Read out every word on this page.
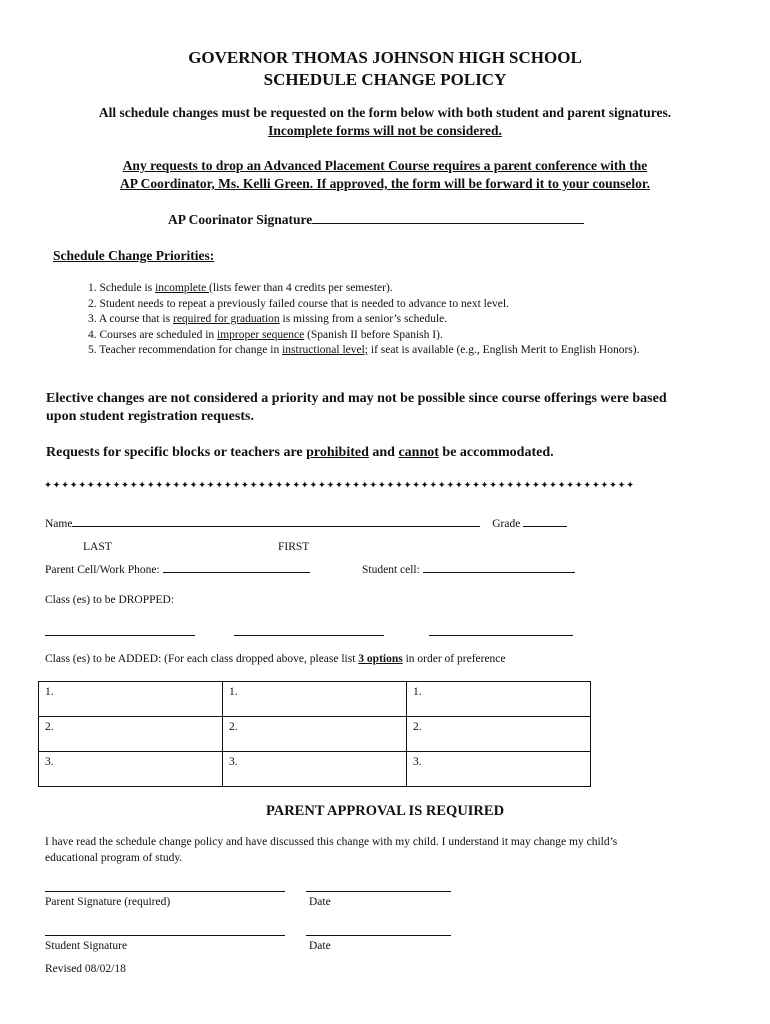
GOVERNOR THOMAS JOHNSON HIGH SCHOOL
SCHEDULE CHANGE POLICY
All schedule changes must be requested on the form below with both student and parent signatures.
Incomplete forms will not be considered.
Any requests to drop an Advanced Placement Course requires a parent conference with the
AP Coordinator, Ms. Kelli Green. If approved, the form will be forward it to your counselor.
AP Coorinator Signature
Schedule Change Priorities:
1. Schedule is incomplete (lists fewer than 4 credits per semester).
2. Student needs to repeat a previously failed course that is needed to advance to next level.
3. A course that is required for graduation is missing from a senior’s schedule.
4. Courses are scheduled in improper sequence (Spanish II before Spanish I).
5. Teacher recommendation for change in instructional level; if seat is available (e.g., English Merit to English Honors).
Elective changes are not considered a priority and may not be possible since course offerings were based
upon student registration requests.
Requests for specific blocks or teachers are prohibited and cannot be accommodated.
✦✦✦✦✦✦✦✦✦✦✦✦✦✦✦✦✦✦✦✦✦✦✦✦✦✦✦✦✦✦✦✦✦✦✦✦✦✦✦✦✦✦✦✦✦✦✦✦✦✦✦✦✦✦✦✦✦✦✦✦✦✦✦✦✦✦✦✦✦
Name	Grade
LAST	FIRST
Parent Cell/Work Phone:	Student cell:
Class (es) to be DROPPED:
Class (es) to be ADDED: (For each class dropped above, please list 3 options in order of preference
1.	1.	1.
2.	2.	2.
3.	3.	3.
PARENT APPROVAL IS REQUIRED
I have read the schedule change policy and have discussed this change with my child. I understand it may change my child’s
educational program of study.
Parent Signature (required)	Date
Student Signature	Date
Revised 08/02/18
